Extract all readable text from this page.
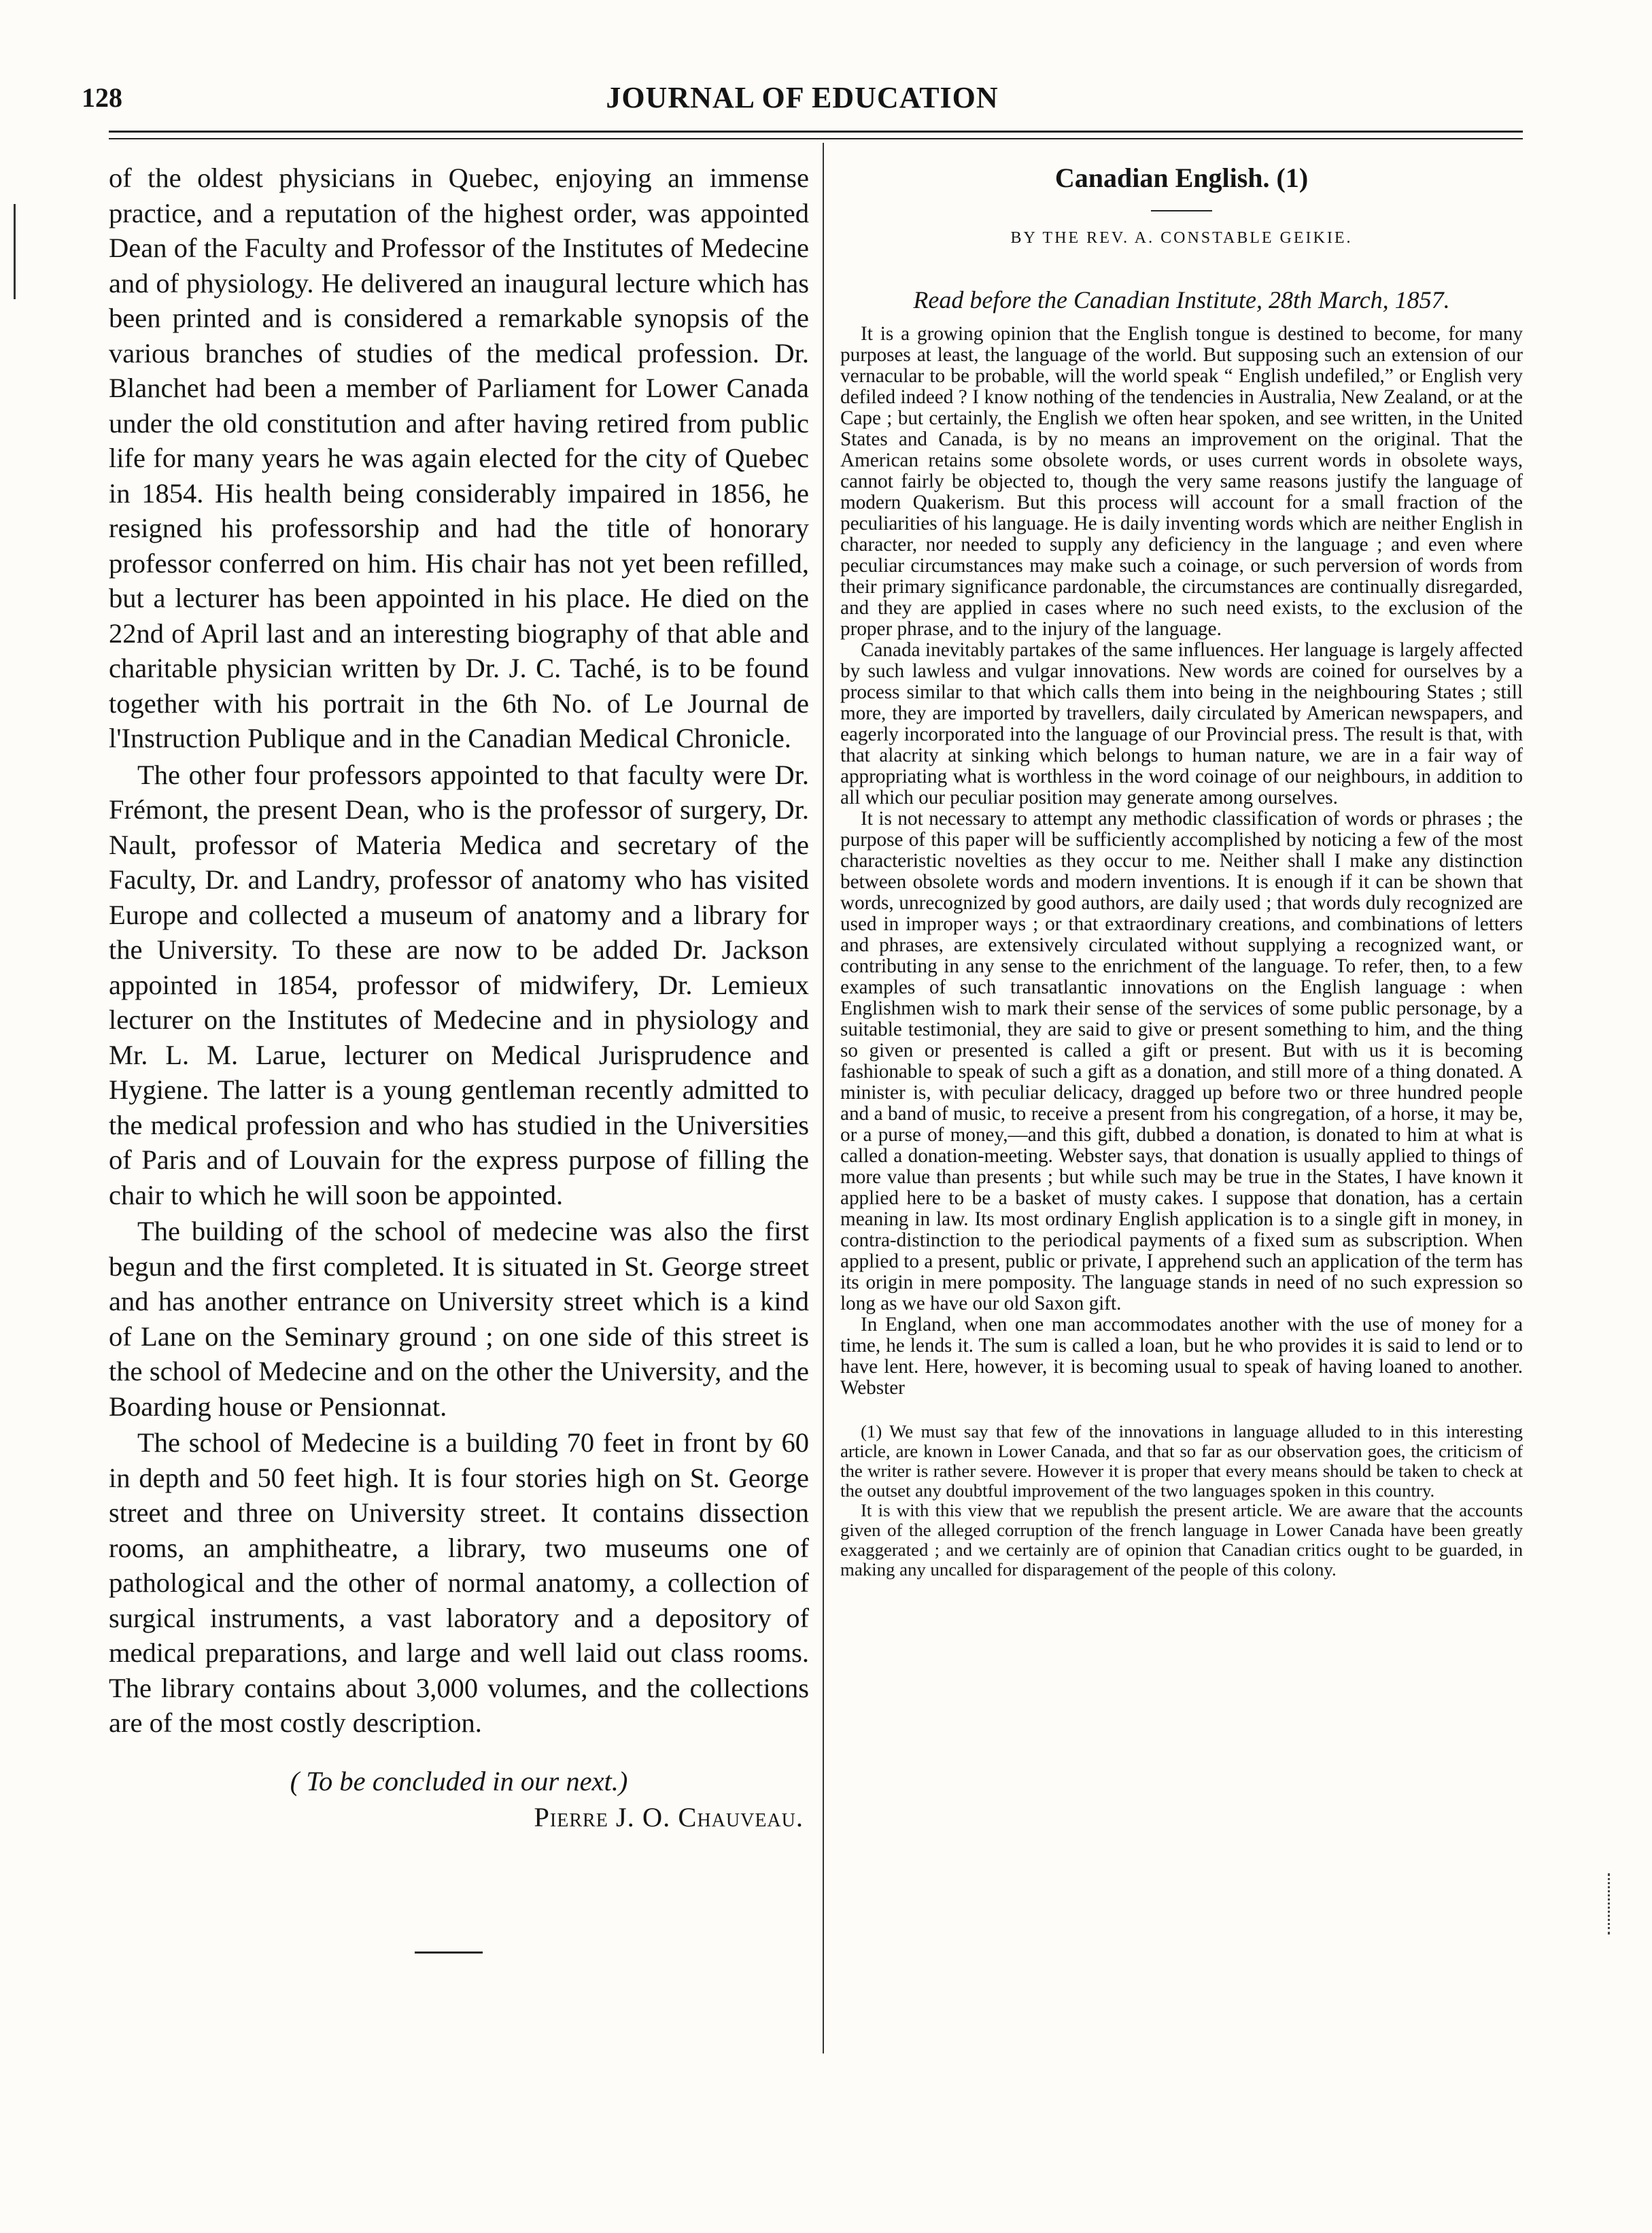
128	JOURNAL OF EDUCATION

of the oldest physicians in Quebec, enjoying an immense practice, and a reputation of the highest order, was appointed Dean of the Faculty and Professor of the Institutes of Medecine and of physiology. He delivered an inaugural lecture which has been printed and is considered a remarkable synopsis of the various branches of studies of the medical profession. Dr. Blanchet had been a member of Parliament for Lower Canada under the old constitution and after having retired from public life for many years he was again elected for the city of Quebec in 1854. His health being considerably impaired in 1856, he resigned his professorship and had the title of honorary professor conferred on him. His chair has not yet been refilled, but a lecturer has been appointed in his place. He died on the 22nd of April last and an interesting biography of that able and charitable physician written by Dr. J. C. Taché, is to be found together with his portrait in the 6th No. of Le Journal de l'Instruction Publique and in the Canadian Medical Chronicle.

The other four professors appointed to that faculty were Dr. Frémont, the present Dean, who is the professor of surgery, Dr. Nault, professor of Materia Medica and secretary of the Faculty, Dr. and Landry, professor of anatomy who has visited Europe and collected a museum of anatomy and a library for the University. To these are now to be added Dr. Jackson appointed in 1854, professor of midwifery, Dr. Lemieux lecturer on the Institutes of Medecine and in physiology and Mr. L. M. Larue, lecturer on Medical Jurisprudence and Hygiene. The latter is a young gentleman recently admitted to the medical profession and who has studied in the Universities of Paris and of Louvain for the express purpose of filling the chair to which he will soon be appointed.

The building of the school of medecine was also the first begun and the first completed. It is situated in St. George street and has another entrance on University street which is a kind of Lane on the Seminary ground ; on one side of this street is the school of Medecine and on the other the University, and the Boarding house or Pensionnat.

The school of Medecine is a building 70 feet in front by 60 in depth and 50 feet high. It is four stories high on St. George street and three on University street. It contains dissection rooms, an amphitheatre, a library, two museums one of pathological and the other of normal anatomy, a collection of surgical instruments, a vast laboratory and a depository of medical preparations, and large and well laid out class rooms. The library contains about 3,000 volumes, and the collections are of the most costly description.

( To be concluded in our next.)

Pierre J. O. Chauveau.

Canadian English. (1)
BY THE REV. A. CONSTABLE GEIKIE.
Read before the Canadian Institute, 28th March, 1857.

It is a growing opinion that the English tongue is destined to become, for many purposes at least, the language of the world. But supposing such an extension of our vernacular to be probable, will the world speak “ English undefiled,” or English very defiled indeed ? I know nothing of the tendencies in Australia, New Zealand, or at the Cape ; but certainly, the English we often hear spoken, and see written, in the United States and Canada, is by no means an improvement on the original. That the American retains some obsolete words, or uses current words in obsolete ways, cannot fairly be objected to, though the very same reasons justify the language of modern Quakerism. But this process will account for a small fraction of the peculiarities of his language. He is daily inventing words which are neither English in character, nor needed to supply any deficiency in the language ; and even where peculiar circumstances may make such a coinage, or such perversion of words from their primary significance pardonable, the circumstances are continually disregarded, and they are applied in cases where no such need exists, to the exclusion of the proper phrase, and to the injury of the language.

Canada inevitably partakes of the same influences. Her language is largely affected by such lawless and vulgar innovations. New words are coined for ourselves by a process similar to that which calls them into being in the neighbouring States ; still more, they are imported by travellers, daily circulated by American newspapers, and eagerly incorporated into the language of our Provincial press. The result is that, with that alacrity at sinking which belongs to human nature, we are in a fair way of appropriating what is worthless in the word coinage of our neighbours, in addition to all which our peculiar position may generate among ourselves.

It is not necessary to attempt any methodic classification of words or phrases ; the purpose of this paper will be sufficiently accomplished by noticing a few of the most characteristic novelties as they occur to me. Neither shall I make any distinction between obsolete words and modern inventions. It is enough if it can be shown that words, unrecognized by good authors, are daily used ; that words duly recognized are used in improper ways ; or that extraordinary creations, and combinations of letters and phrases, are extensively circulated without supplying a recognized want, or contributing in any sense to the enrichment of the language. To refer, then, to a few examples of such transatlantic innovations on the English language : when Englishmen wish to mark their sense of the services of some public personage, by a suitable testimonial, they are said to give or present something to him, and the thing so given or presented is called a gift or present. But with us it is becoming fashionable to speak of such a gift as a donation, and still more of a thing donated. A minister is, with peculiar delicacy, dragged up before two or three hundred people and a band of music, to receive a present from his congregation, of a horse, it may be, or a purse of money,—and this gift, dubbed a donation, is donated to him at what is called a donation-meeting. Webster says, that donation is usually applied to things of more value than presents ; but while such may be true in the States, I have known it applied here to be a basket of musty cakes. I suppose that donation, has a certain meaning in law. Its most ordinary English application is to a single gift in money, in contra-distinction to the periodical payments of a fixed sum as subscription. When applied to a present, public or private, I apprehend such an application of the term has its origin in mere pomposity. The language stands in need of no such expression so long as we have our old Saxon gift.

In England, when one man accommodates another with the use of money for a time, he lends it. The sum is called a loan, but he who provides it is said to lend or to have lent. Here, however, it is becoming usual to speak of having loaned to another. Webster

(1) We must say that few of the innovations in language alluded to in this interesting article, are known in Lower Canada, and that so far as our observation goes, the criticism of the writer is rather severe. However it is proper that every means should be taken to check at the outset any doubtful improvement of the two languages spoken in this country.

It is with this view that we republish the present article. We are aware that the accounts given of the alleged corruption of the french language in Lower Canada have been greatly exaggerated ; and we certainly are of opinion that Canadian critics ought to be guarded, in making any uncalled for disparagement of the people of this colony.
